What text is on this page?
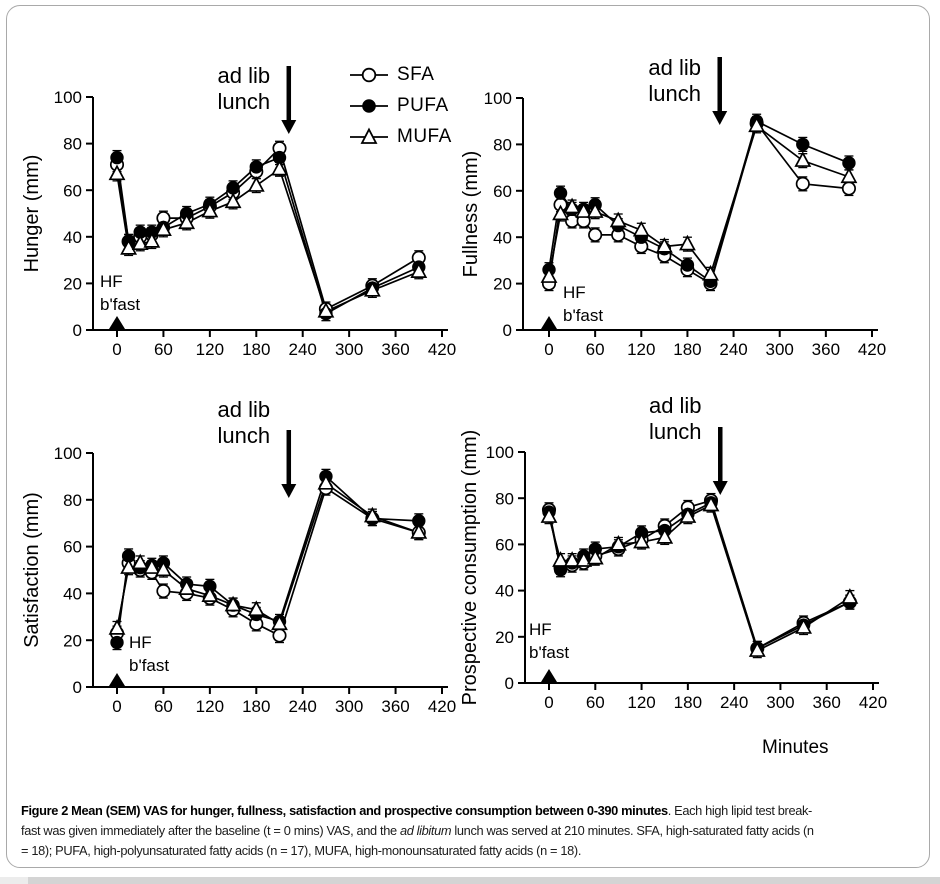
0
20
40
60
80
100
0 60 120 180 240 300 360 420
Hunger (mm)
ad lib
lunch
HF
b'fast
0
20
40
60
80
100
0 60 120 180 240 300 360 420
Fullness (mm)
ad lib
lunch
HF
b'fast
0
20
40
60
80
100
0 60 120 180 240 300 360 420
Satisfaction (mm)
ad lib
lunch
HF
b'fast
0
20
40
60
80
100
0 60 120 180 240 300 360 420
Prospective consumption (mm)
ad lib
lunch
HF
b'fast
SFA
PUFA
MUFA
Minutes
Figure 2 Mean (SEM) VAS for hunger, fullness, satisfaction and prospective consumption between 0-390 minutes. Each high lipid test break-
fast was given immediately after the baseline (t = 0 mins) VAS, and the ad libitum lunch was served at 210 minutes. SFA, high-saturated fatty acids (n
= 18); PUFA, high-polyunsaturated fatty acids (n = 17), MUFA, high-monounsaturated fatty acids (n = 18).
